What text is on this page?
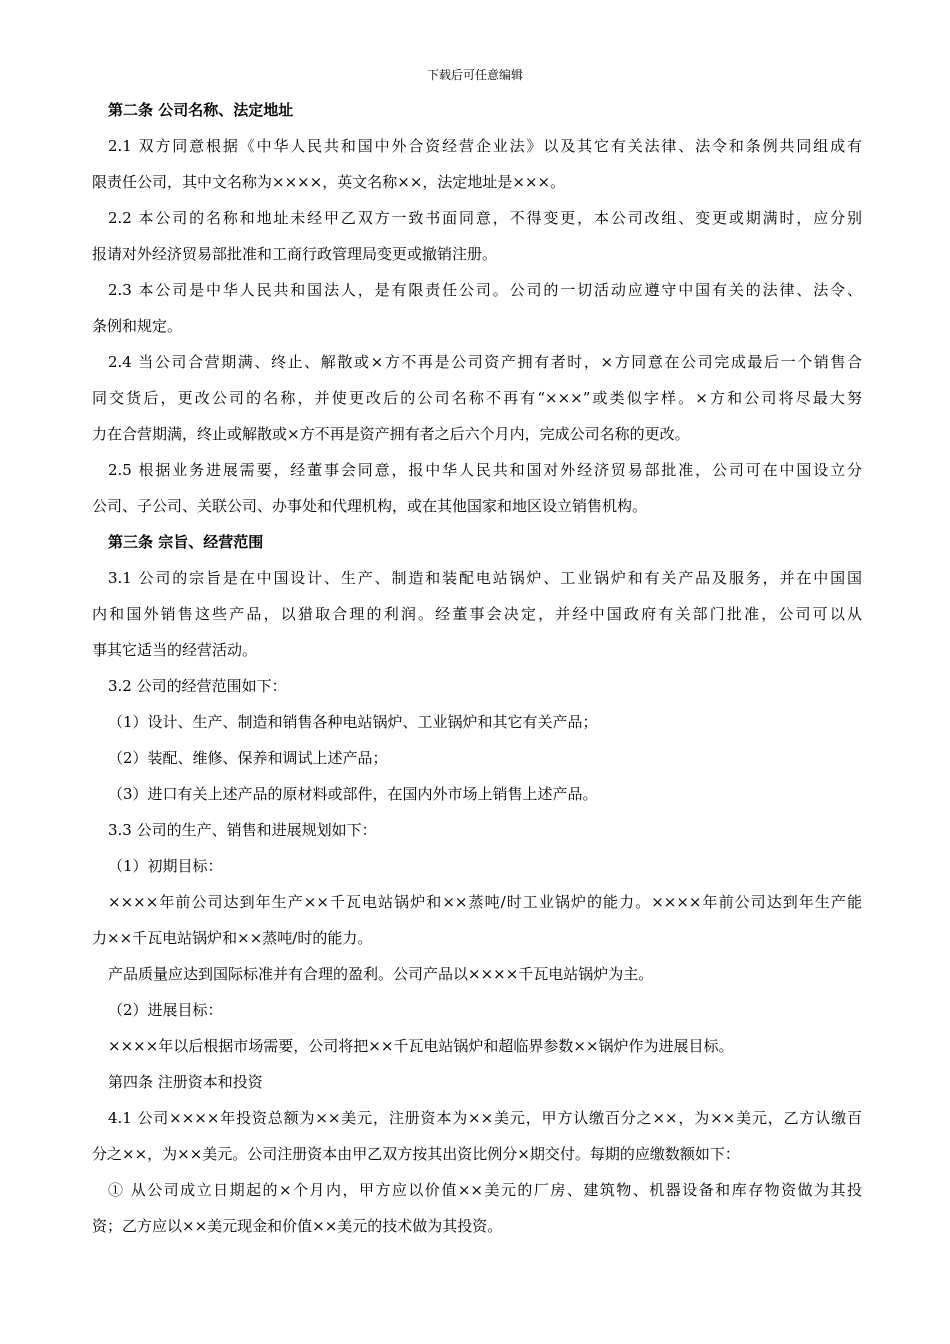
下载后可任意编辑
第二条 公司名称、法定地址
2.1 双方同意根据《中华人民共和国中外合资经营企业法》以及其它有关法律、法令和条例共同组成有
限责任公司，其中文名称为××××，英文名称××，法定地址是×××。
2.2 本公司的名称和地址未经甲乙双方一致书面同意，不得变更，本公司改组、变更或期满时，应分别
报请对外经济贸易部批准和工商行政管理局变更或撤销注册。
2.3 本公司是中华人民共和国法人，是有限责任公司。公司的一切活动应遵守中国有关的法律、法令、
条例和规定。
2.4 当公司合营期满、终止、解散或×方不再是公司资产拥有者时，×方同意在公司完成最后一个销售合
同交货后，更改公司的名称，并使更改后的公司名称不再有“×××”或类似字样。×方和公司将尽最大努
力在合营期满，终止或解散或×方不再是资产拥有者之后六个月内，完成公司名称的更改。
2.5 根据业务进展需要，经董事会同意，报中华人民共和国对外经济贸易部批准，公司可在中国设立分
公司、子公司、关联公司、办事处和代理机构，或在其他国家和地区设立销售机构。
第三条 宗旨、经营范围
3.1 公司的宗旨是在中国设计、生产、制造和装配电站锅炉、工业锅炉和有关产品及服务，并在中国国
内和国外销售这些产品，以猎取合理的利润。经董事会决定，并经中国政府有关部门批准，公司可以从
事其它适当的经营活动。
3.2 公司的经营范围如下：
（1）设计、生产、制造和销售各种电站锅炉、工业锅炉和其它有关产品；
（2）装配、维修、保养和调试上述产品；
（3）进口有关上述产品的原材料或部件，在国内外市场上销售上述产品。
3.3 公司的生产、销售和进展规划如下：
（1）初期目标：
××××年前公司达到年生产××千瓦电站锅炉和××蒸吨/时工业锅炉的能力。××××年前公司达到年生产能
力××千瓦电站锅炉和××蒸吨/时的能力。
产品质量应达到国际标准并有合理的盈利。公司产品以××××千瓦电站锅炉为主。
（2）进展目标：
××××年以后根据市场需要，公司将把××千瓦电站锅炉和超临界参数××锅炉作为进展目标。
第四条 注册资本和投资
4.1 公司××××年投资总额为××美元，注册资本为××美元，甲方认缴百分之××，为××美元，乙方认缴百
分之××，为××美元。公司注册资本由甲乙双方按其出资比例分×期交付。每期的应缴数额如下：
① 从公司成立日期起的×个月内，甲方应以价值××美元的厂房、建筑物、机器设备和库存物资做为其投
资；乙方应以××美元现金和价值××美元的技术做为其投资。
